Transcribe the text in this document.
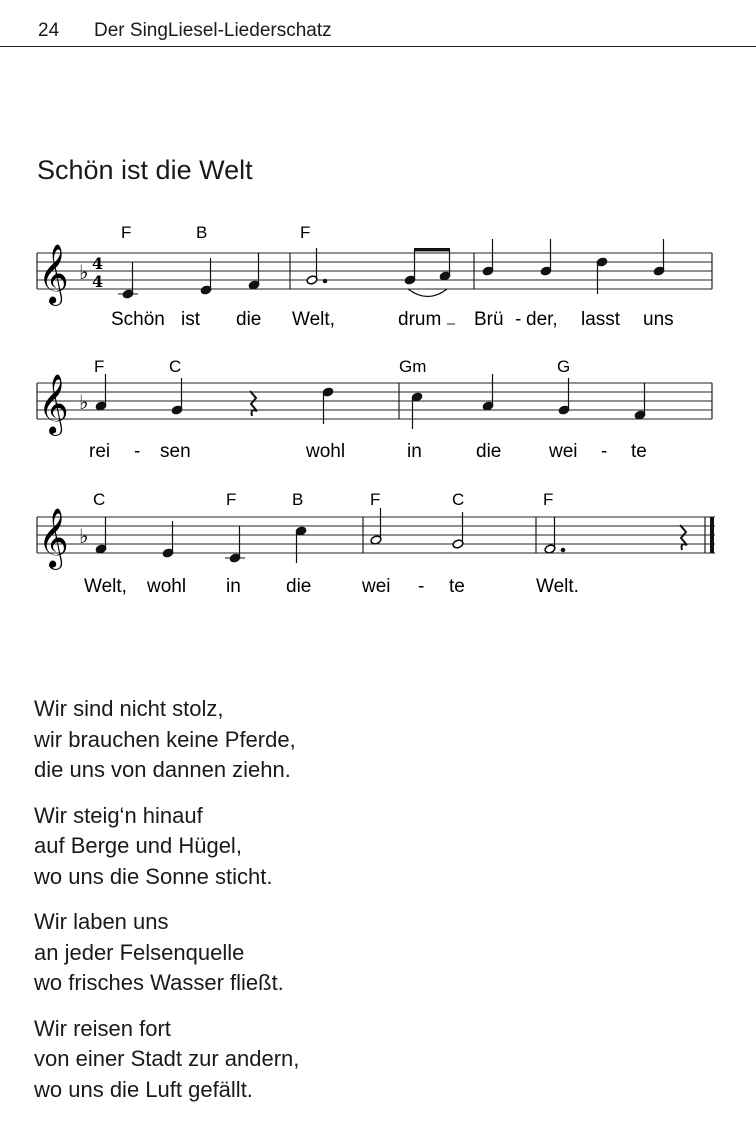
24 Der SingLiesel-Liederschatz
Schön ist die Welt
𝄞 ♭ 4
4
F	B	F
Schön ist die Welt,	drum Brü - der, lasst uns
𝄞 ♭
F	C	Gm	G
rei - sen	wohl	in	die	wei - te
𝄞 ♭
C	F	B	F	C	F
Welt, wohl in die	wei - te	Welt.
Wir sind nicht stolz,
wir brauchen keine Pferde,
die uns von dannen ziehn.
Wir steig‘n hinauf
auf Berge und Hügel,
wo uns die Sonne sticht.
Wir laben uns
an jeder Felsenquelle
wo frisches Wasser fließt.
Wir reisen fort
von einer Stadt zur andern,
wo uns die Luft gefällt.
